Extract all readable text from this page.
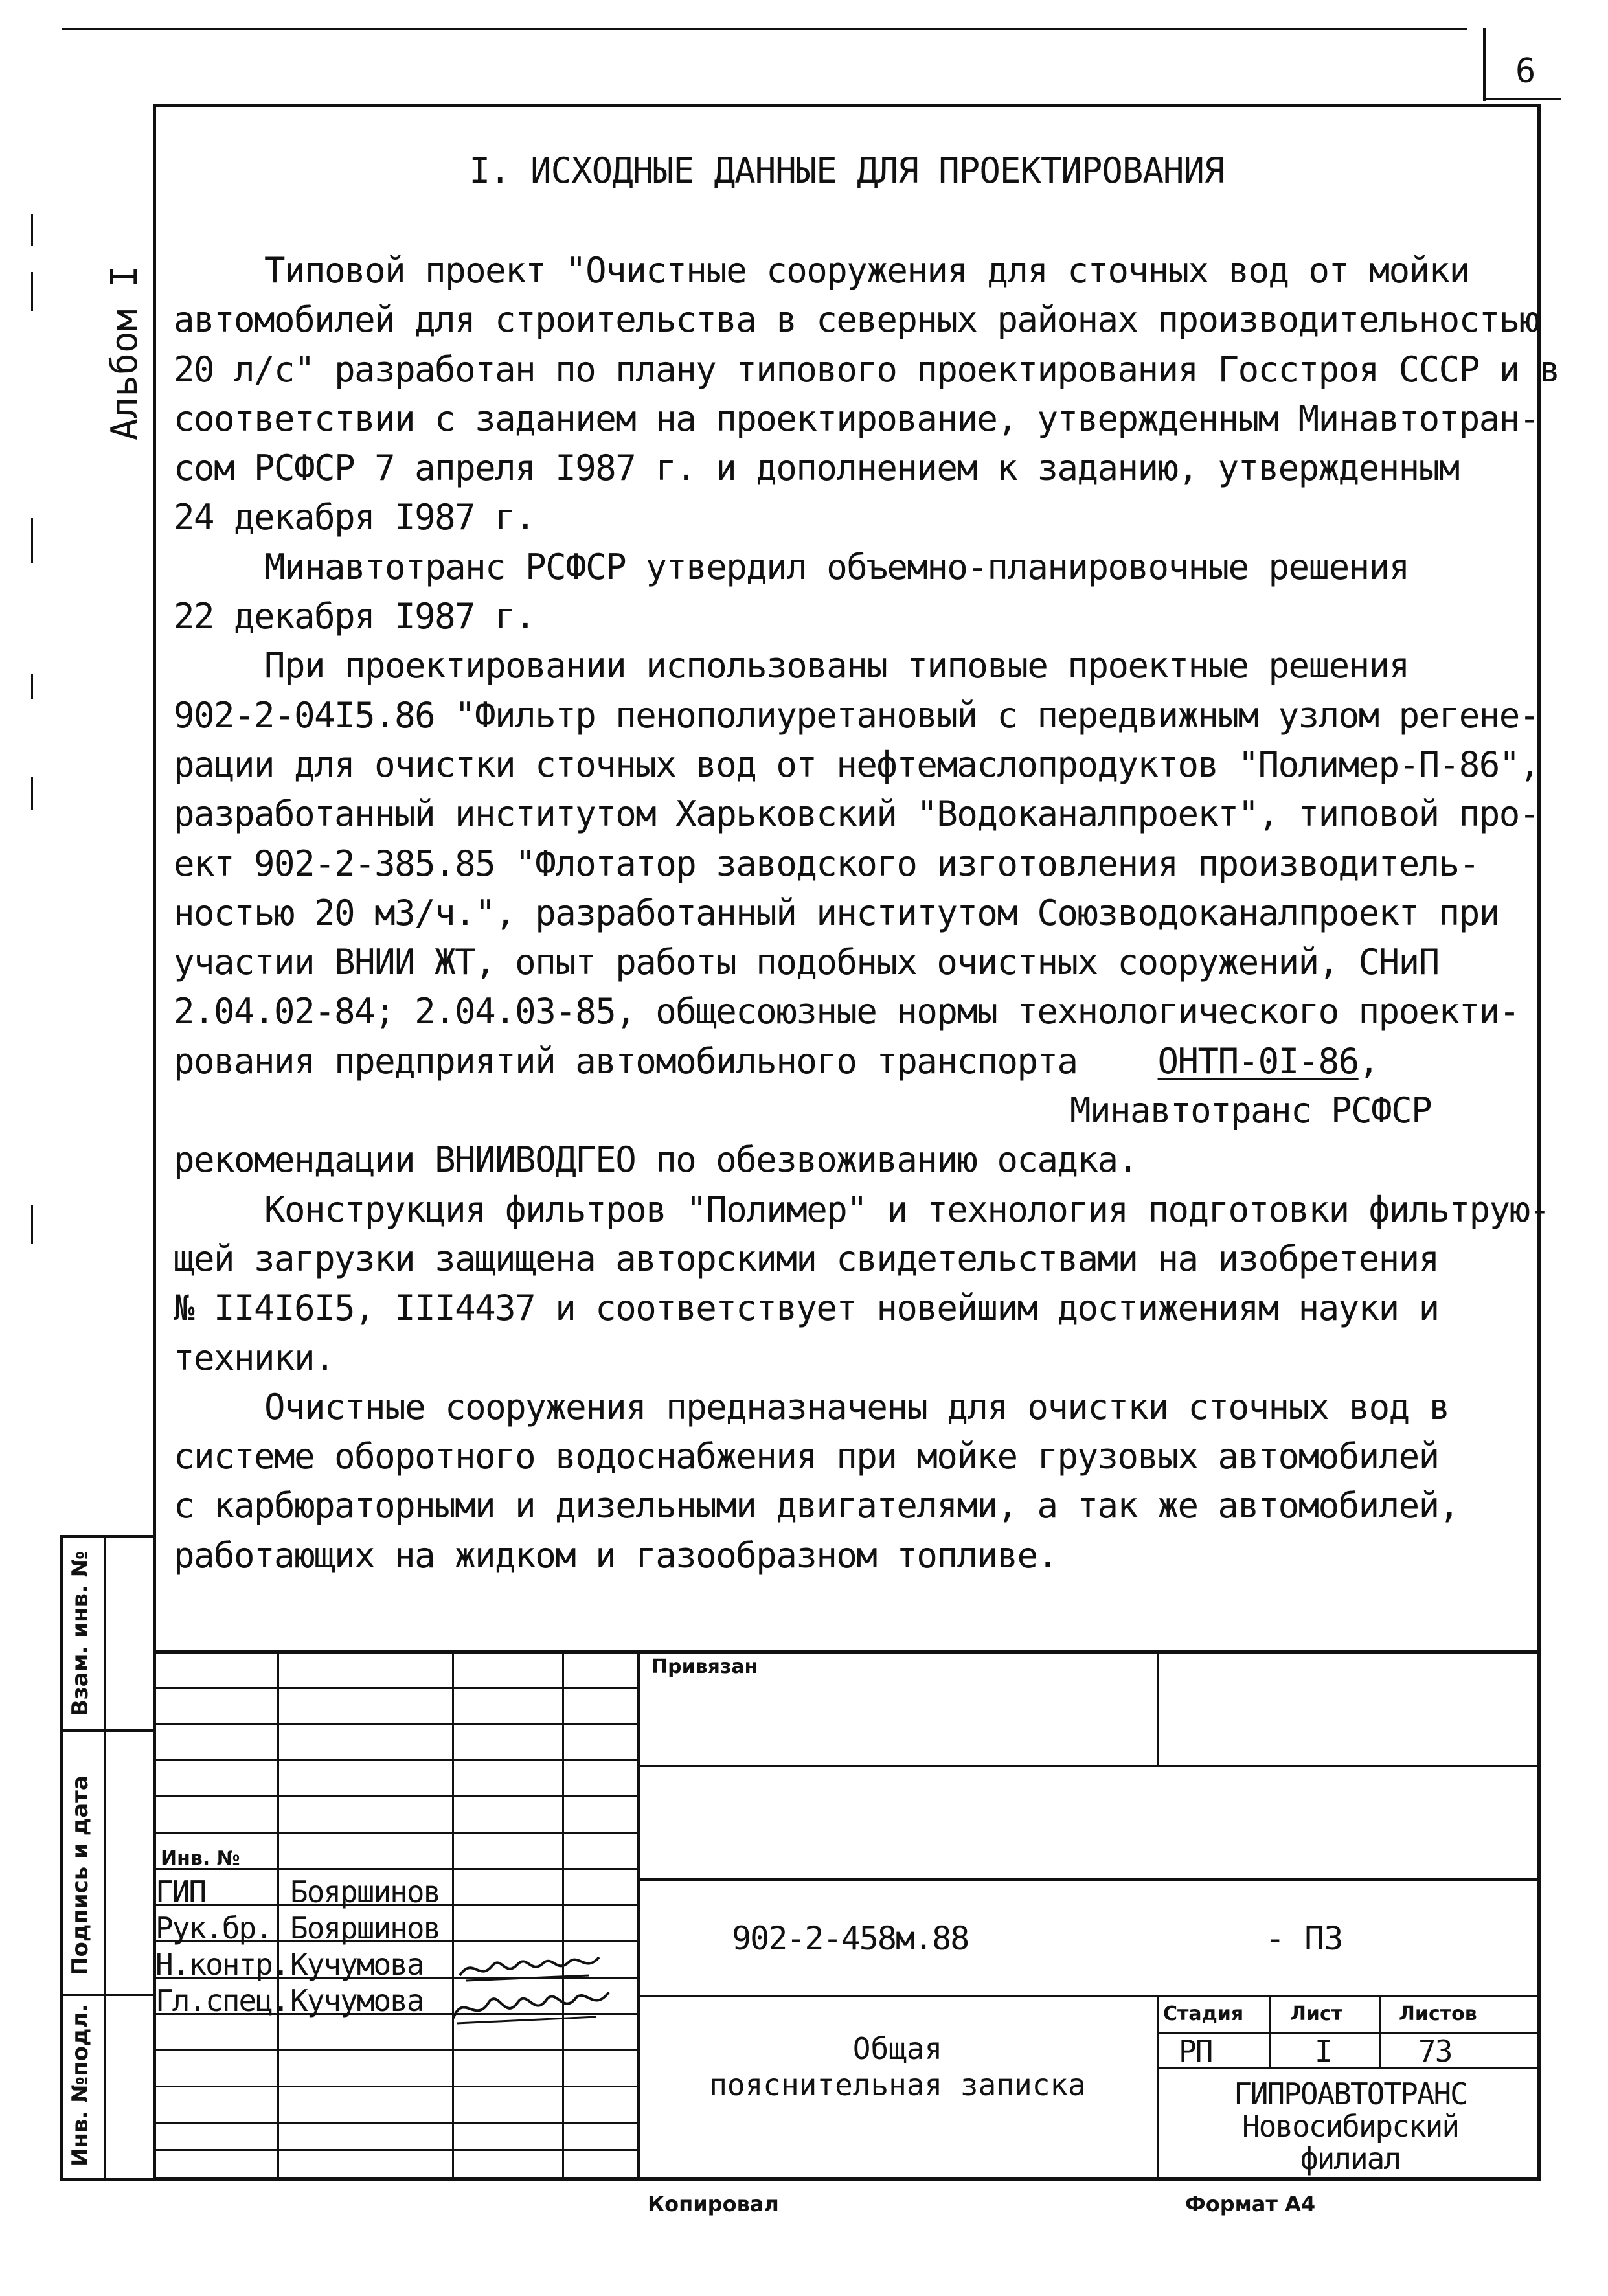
6
Альбом I
I. ИСХОДНЫЕ ДАННЫЕ ДЛЯ ПРОЕКТИРОВАНИЯ
Типовой проект "Очистные сооружения для сточных вод от мойки
автомобилей для строительства в северных районах производительностью
20 л/с" разработан по плану типового проектирования Госстроя СССР и в
соответствии с заданием на проектирование, утвержденным Минавтотран-
сом РСФСР 7 апреля I987 г. и дополнением к заданию, утвержденным
24 декабря I987 г.
Минавтотранс РСФСР утвердил объемно-планировочные решения
22 декабря I987 г.
При проектировании использованы типовые проектные решения
902-2-04I5.86 "Фильтр пенополиуретановый с передвижным узлом регене-
рации для очистки сточных вод от нефтемаслопродуктов "Полимер-П-86",
разработанный институтом Харьковский "Водоканалпроект", типовой про-
ект 902-2-385.85 "Флотатор заводского изготовления производитель-
ностью 20 м3/ч.", разработанный институтом Союзводоканалпроект при
участии ВНИИ ЖТ, опыт работы подобных очистных сооружений, СНиП
2.04.02-84; 2.04.03-85, общесоюзные нормы технологического проекти-
рования предприятий автомобильного транспорта ОНТП-0I-86,
Минавтотранс РСФСР
рекомендации ВНИИВОДГЕО по обезвоживанию осадка.
Конструкция фильтров "Полимер" и технология подготовки фильтрую-
щей загрузки защищена авторскими свидетельствами на изобретения
№ II4I6I5, III4437 и соответствует новейшим достижениям науки и
техники.
Очистные сооружения предназначены для очистки сточных вод в
системе оборотного водоснабжения при мойке грузовых автомобилей
с карбюраторными и дизельными двигателями, а так же автомобилей,
работающих на жидком и газообразном топливе.
Взам. инв. №
Подпись и дата
Инв. №подл.
Привязан
Инв. №
ГИП	Бояршинов
Рук.бр. Бояршинов
Н.контр. Кучумова
Гл.спец. Кучумова
902-2-458м.88	- ПЗ
Общая
пояснительная записка
Стадия Лист	Листов
РП	I	73
ГИПРОАВТОТРАНС
Новосибирский
филиал
Копировал	Формат А4
